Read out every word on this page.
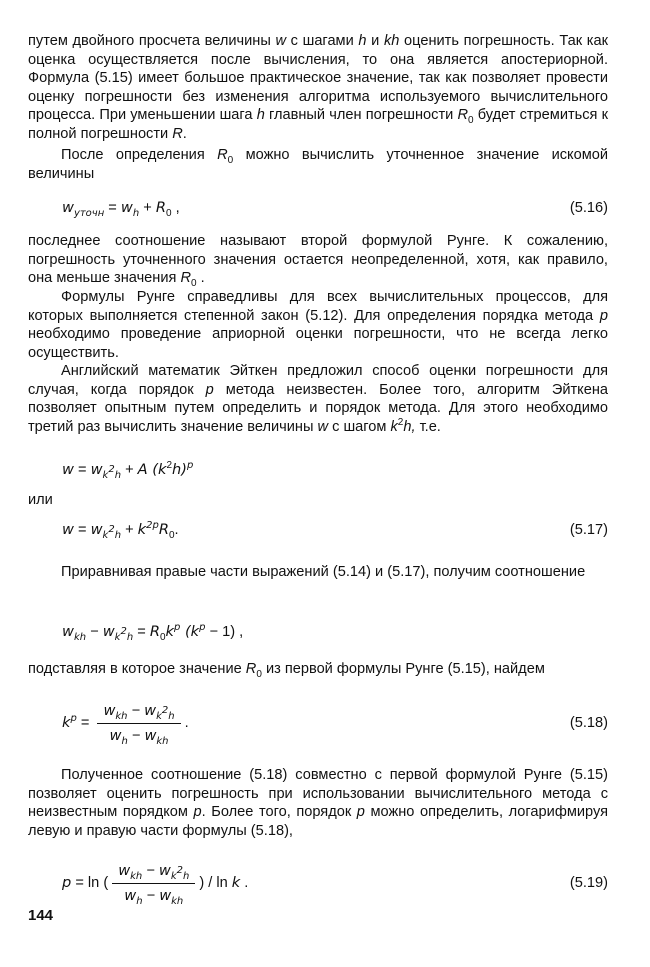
путем двойного просчета величины w с шагами h и kh оценить погрешность. Так как оценка осуществляется после вычисления, то она является апостериорной. Формула (5.15) имеет большое практическое значение, так как позволяет провести оценку погрешности без изменения алгоритма используемого вычислительного процесса. При уменьшении шага h главный член погрешности $R_0$ будет стремиться к полной погрешности R.

После определения $R_0$ можно вычислить уточненное значение искомой величины

$w_{уточн} = w_h + R_0$ ,	(5.16)

последнее соотношение называют второй формулой Рунге. К сожалению, погрешность уточненного значения остается неопределенной, хотя, как правило, она меньше значения $R_0$ .

Формулы Рунге справедливы для всех вычислительных процессов, для которых выполняется степенной закон (5.12). Для определения порядка метода p необходимо проведение априорной оценки погрешности, что не всегда легко осуществить.

Английский математик Эйткен предложил способ оценки погрешности для случая, когда порядок p метода неизвестен. Более того, алгоритм Эйткена позволяет опытным путем определить и порядок метода. Для этого необходимо третий раз вычислить значение величины w с шагом $k^2h$, т.е.

$w = w_{k^2h} + A$ $(k^2h)^p$
или
$w = w_{k^2h} + k^{2p}R_0$.	(5.17)

Приравнивая правые части выражений (5.14) и (5.17), получим соотношение

$w_{kh} - w_{k^2h} = R_0k^p$ $(k^p - 1)$ ,

подставляя в которое значение $R_0$ из первой формулы Рунге (5.15), найдем

$k^p = \frac{w_{kh} - w_{k^2h}}{w_h - w_{kh}}$ .	(5.18)

Полученное соотношение (5.18) совместно с первой формулой Рунге (5.15) позволяет оценить погрешность при использовании вычислительного метода с неизвестным порядком p. Более того, порядок p можно определить, логарифмируя левую и правую части формулы (5.18),

p = ln ( $\frac{w_{kh} - w_{k^2h}}{w_h - w_{kh}}$ ) / ln k .	(5.19)
144
